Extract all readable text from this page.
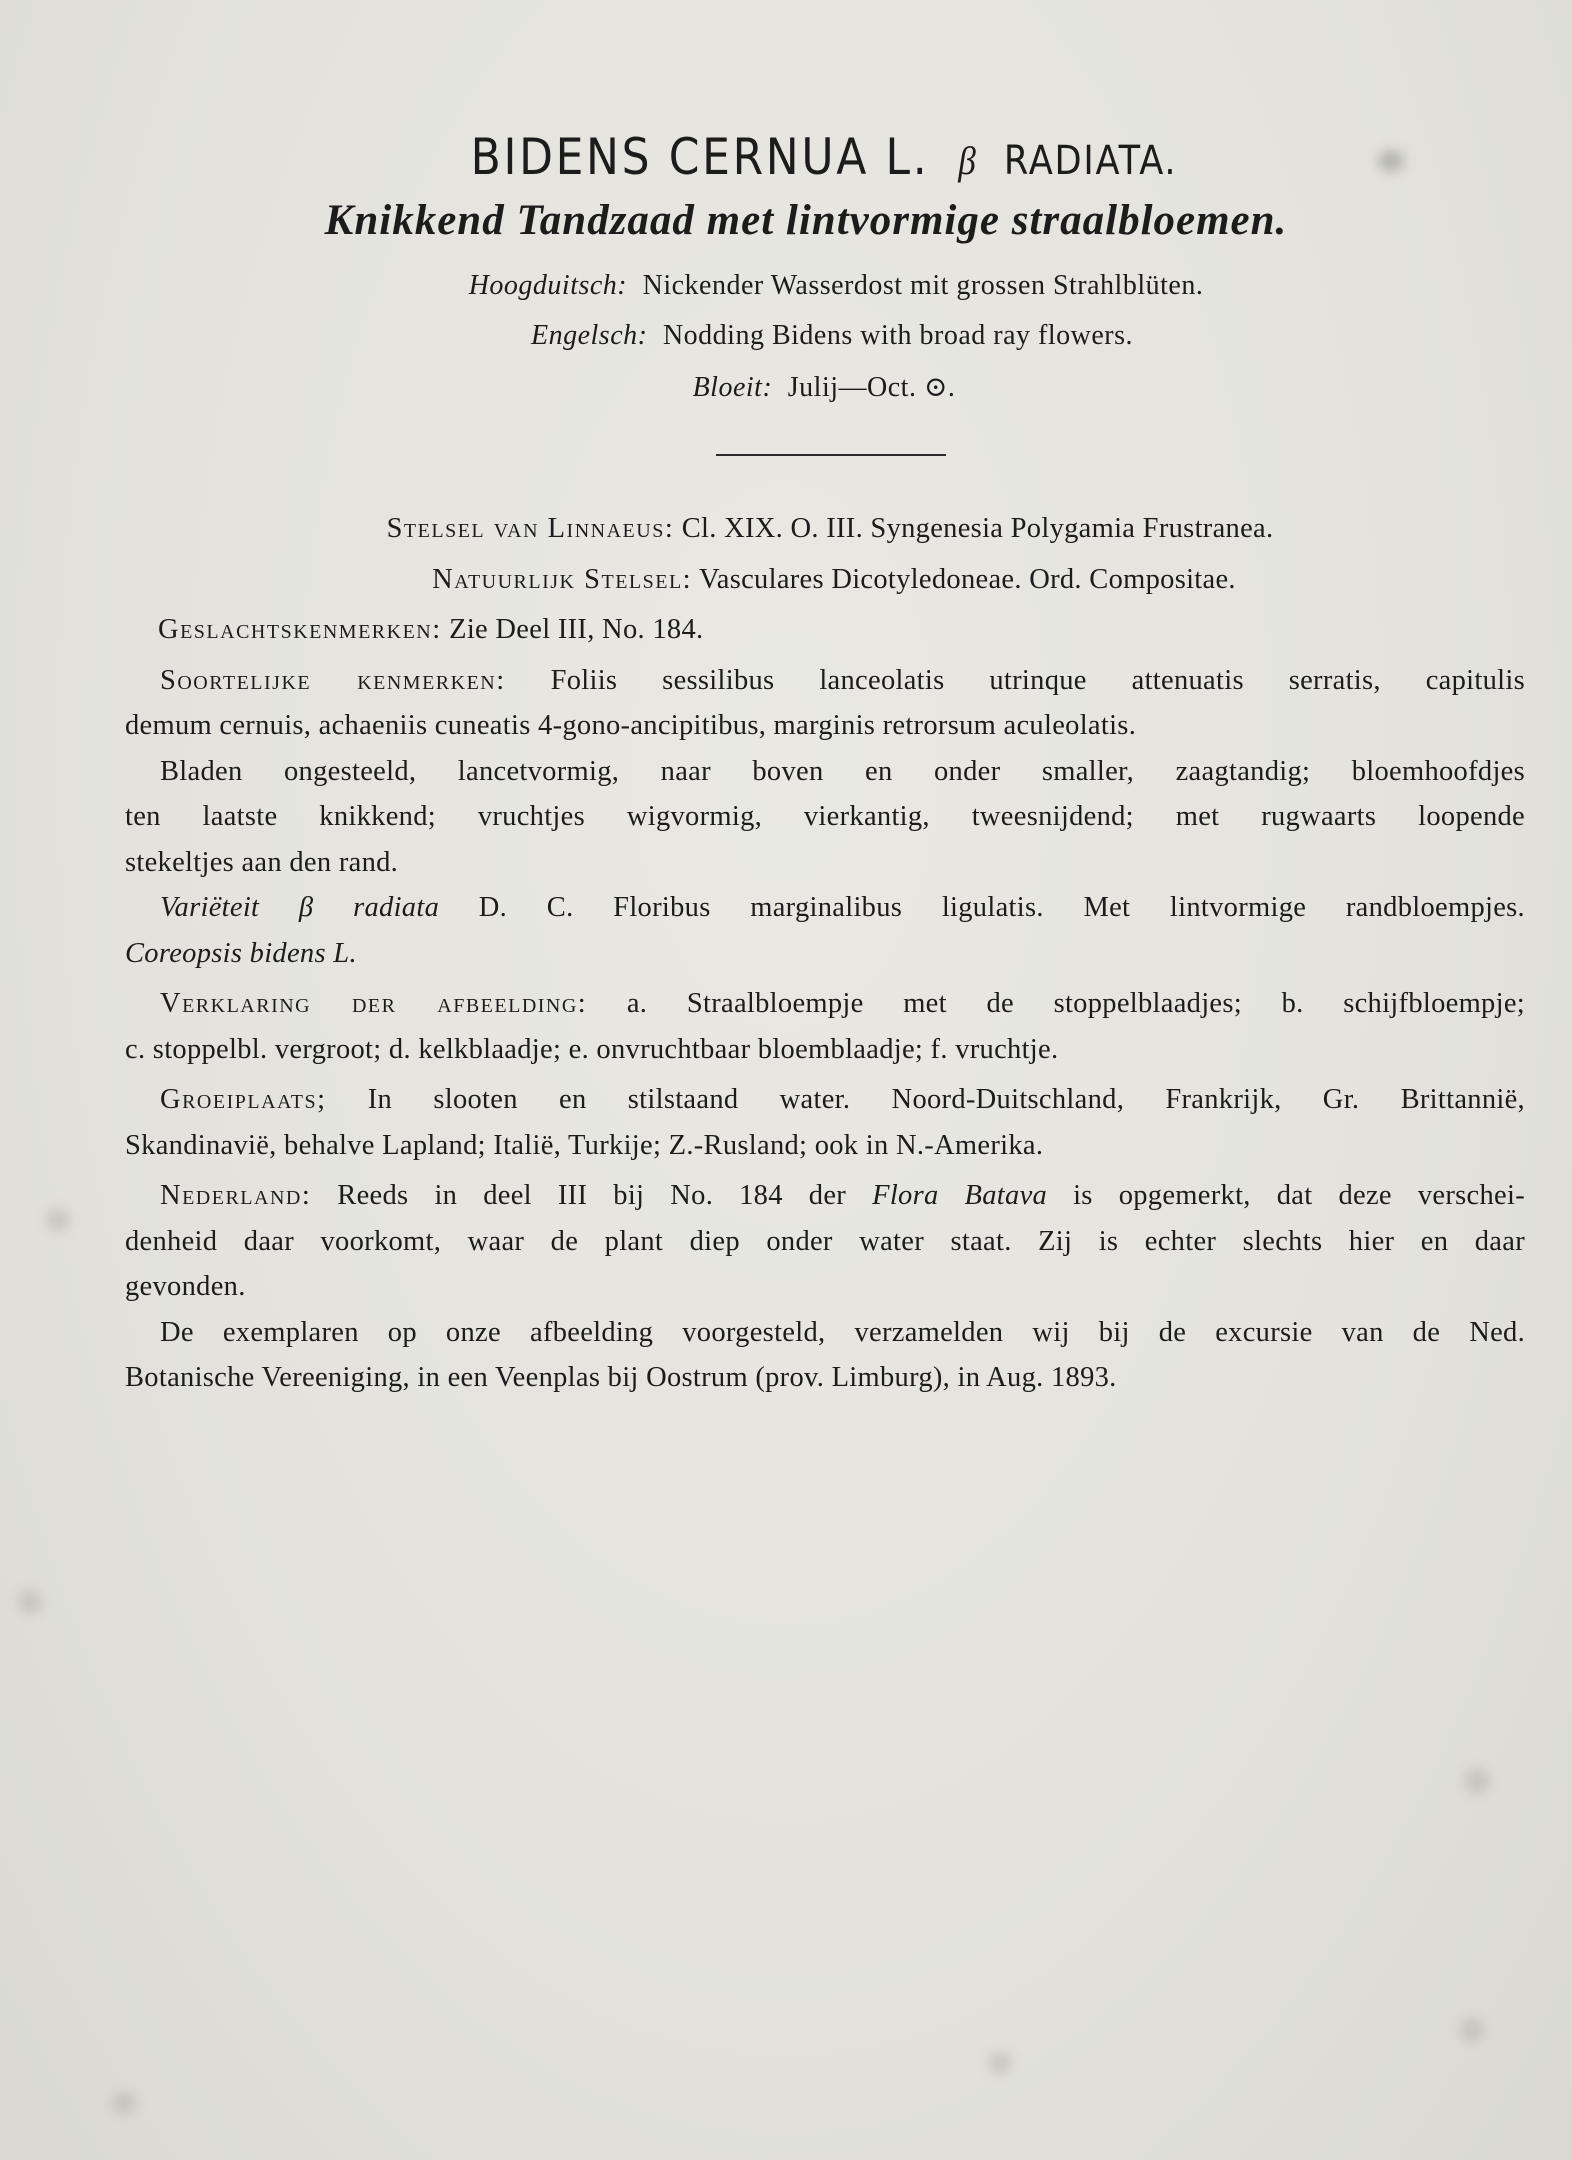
BIDENS CERNUA L. β RADIATA.
Knikkend Tandzaad met lintvormige straalbloemen.
Hoogduitsch: Nickender Wasserdost mit grossen Strahlblüten.
Engelsch: Nodding Bidens with broad ray flowers.
Bloeit: Julij—Oct. ⊙.
Stelsel van Linnaeus: Cl. XIX. O. III. Syngenesia Polygamia Frustranea.
Natuurlijk Stelsel: Vasculares Dicotyledoneae. Ord. Compositae.
Geslachtskenmerken: Zie Deel III, No. 184.
Soortelijke kenmerken: Foliis sessilibus lanceolatis utrinque attenuatis serratis, capitulis
demum cernuis, achaeniis cuneatis 4-gono-ancipitibus, marginis retrorsum aculeolatis.
Bladen ongesteeld, lancetvormig, naar boven en onder smaller, zaagtandig; bloemhoofdjes
ten laatste knikkend; vruchtjes wigvormig, vierkantig, tweesnijdend; met rugwaarts loopende
stekeltjes aan den rand.
Variëteit β radiata D. C. Floribus marginalibus ligulatis. Met lintvormige randbloempjes.
Coreopsis bidens L.
Verklaring der afbeelding: a. Straalbloempje met de stoppelblaadjes; b. schijfbloempje;
c. stoppelbl. vergroot; d. kelkblaadje; e. onvruchtbaar bloemblaadje; f. vruchtje.
Groeiplaats; In slooten en stilstaand water. Noord-Duitschland, Frankrijk, Gr. Brittannië,
Skandinavië, behalve Lapland; Italië, Turkije; Z.-Rusland; ook in N.-Amerika.
Nederland: Reeds in deel III bij No. 184 der Flora Batava is opgemerkt, dat deze verschei-
denheid daar voorkomt, waar de plant diep onder water staat. Zij is echter slechts hier en daar
gevonden.
De exemplaren op onze afbeelding voorgesteld, verzamelden wij bij de excursie van de Ned.
Botanische Vereeniging, in een Veenplas bij Oostrum (prov. Limburg), in Aug. 1893.
